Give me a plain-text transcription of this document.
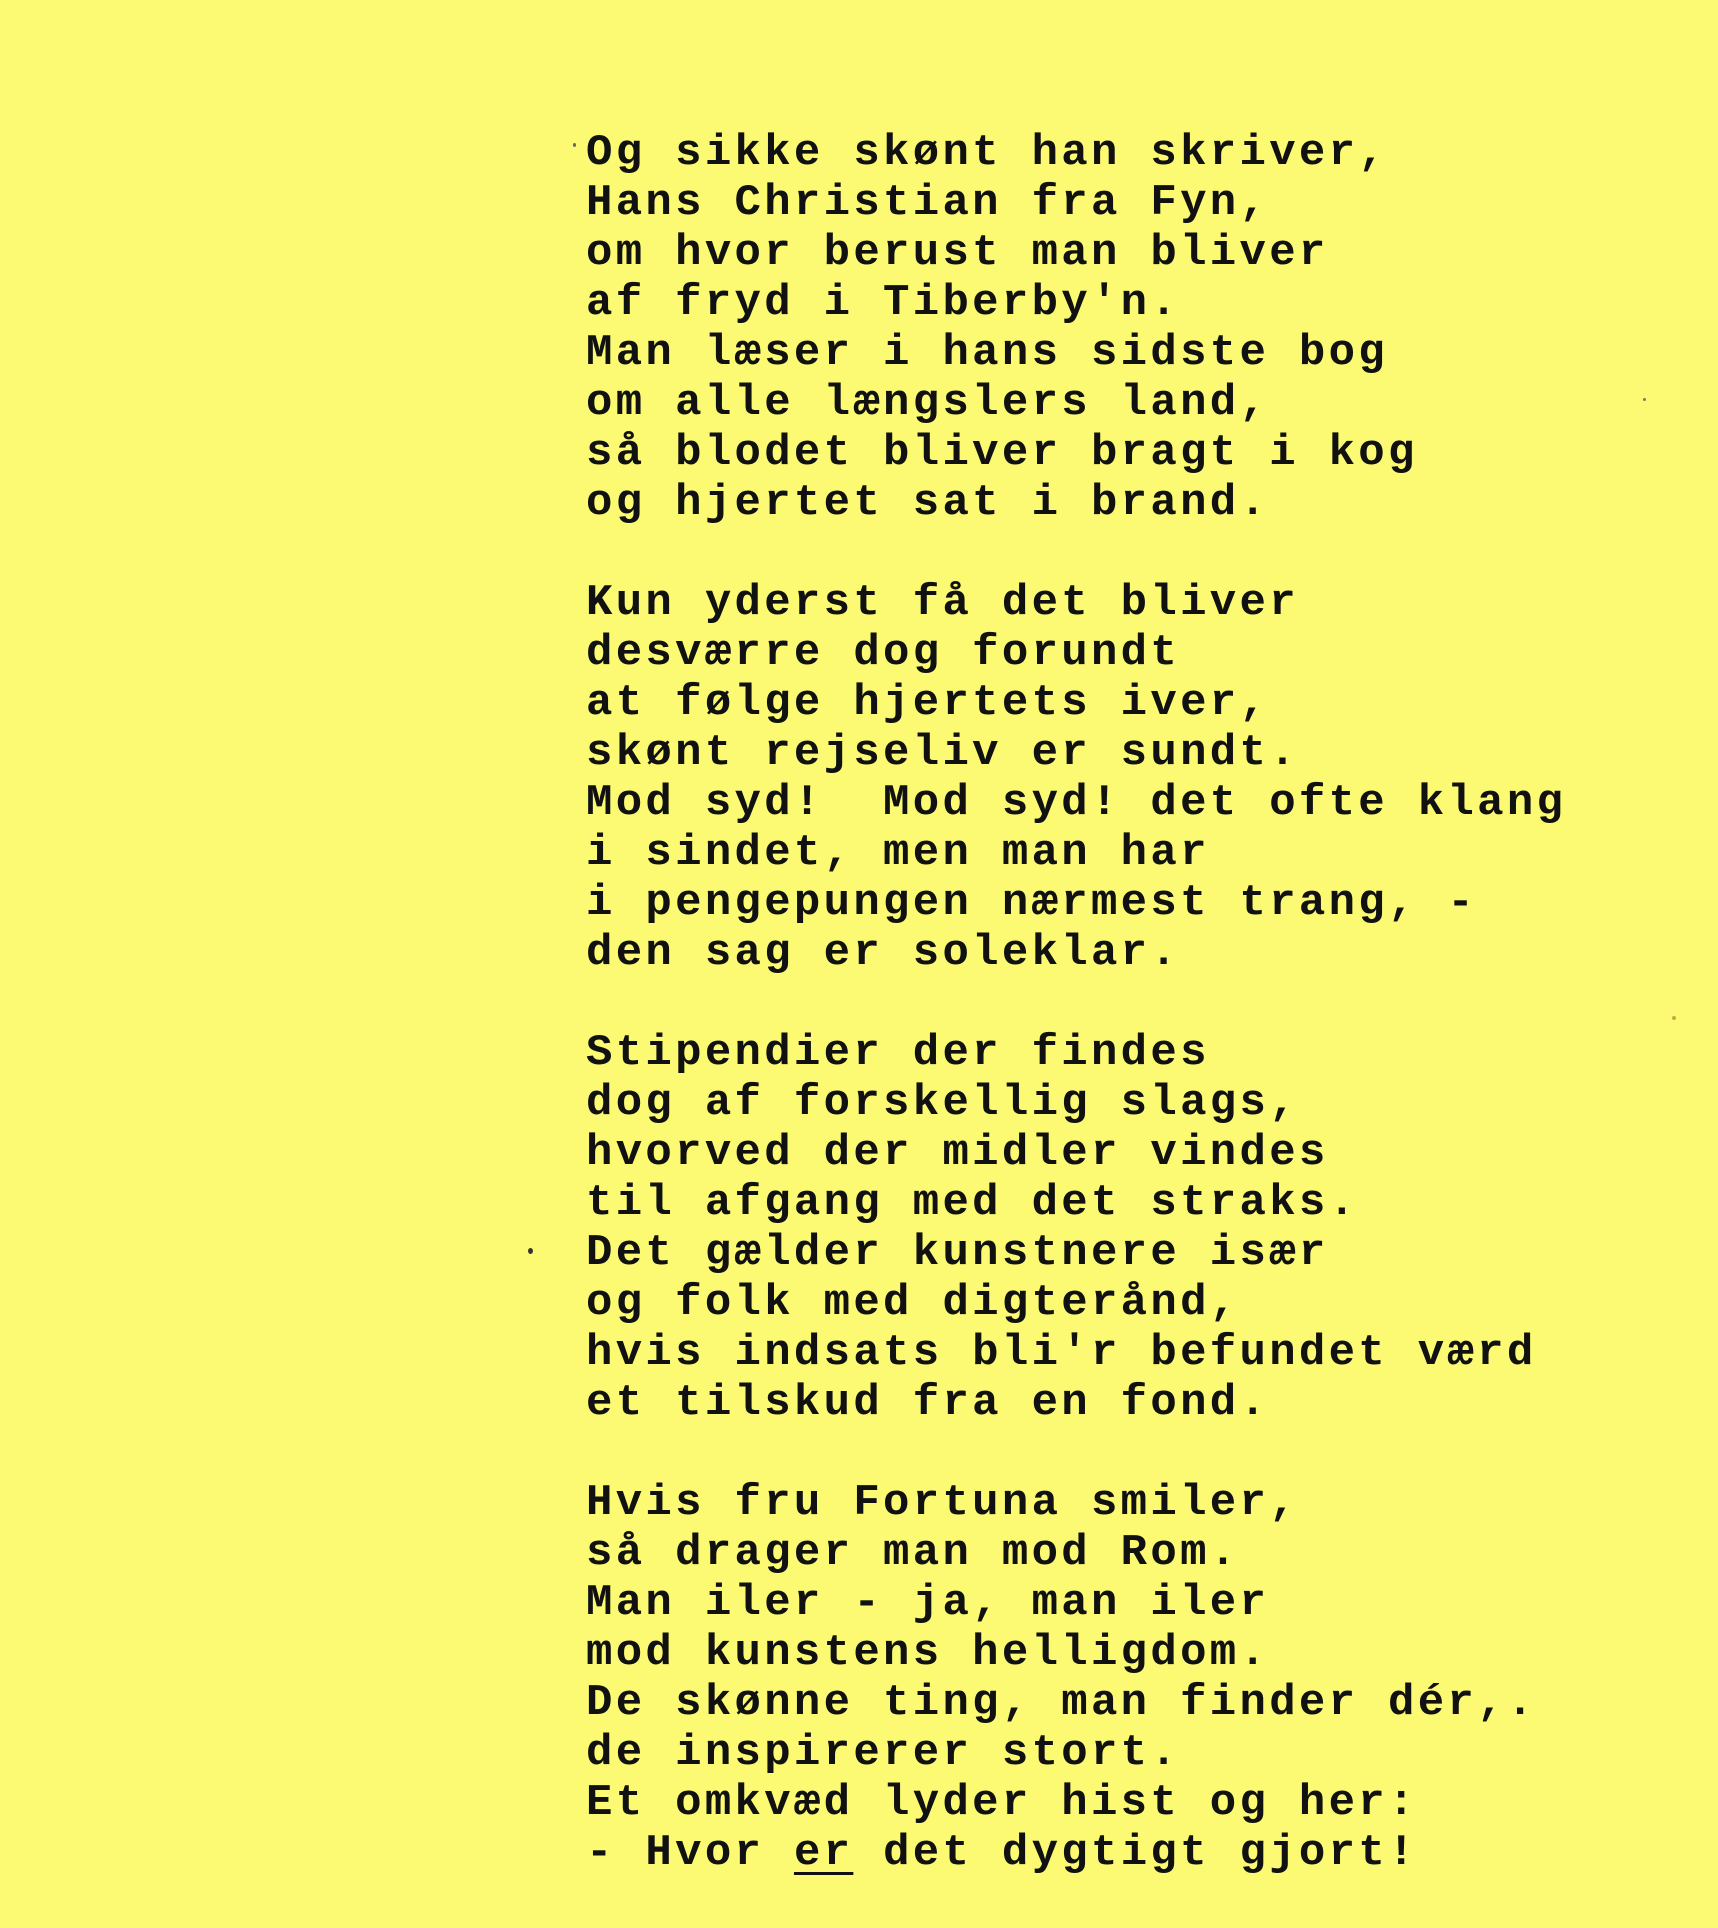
Og sikke skønt han skriver,
Hans Christian fra Fyn,
om hvor berust man bliver
af fryd i Tiberby'n.
Man læser i hans sidste bog
om alle længslers land,
så blodet bliver bragt i kog
og hjertet sat i brand.
Kun yderst få det bliver
desværre dog forundt
at følge hjertets iver,
skønt rejseliv er sundt.
Mod syd!  Mod syd! det ofte klang
i sindet, men man har
i pengepungen nærmest trang, -
den sag er soleklar.
Stipendier der findes
dog af forskellig slags,
hvorved der midler vindes
til afgang med det straks.
Det gælder kunstnere især
og folk med digterånd,
hvis indsats bli'r befundet værd
et tilskud fra en fond.
Hvis fru Fortuna smiler,
så drager man mod Rom.
Man iler - ja, man iler
mod kunstens helligdom.
De skønne ting, man finder dér,.
de inspirerer stort.
Et omkvæd lyder hist og her:
- Hvor er det dygtigt gjort!
